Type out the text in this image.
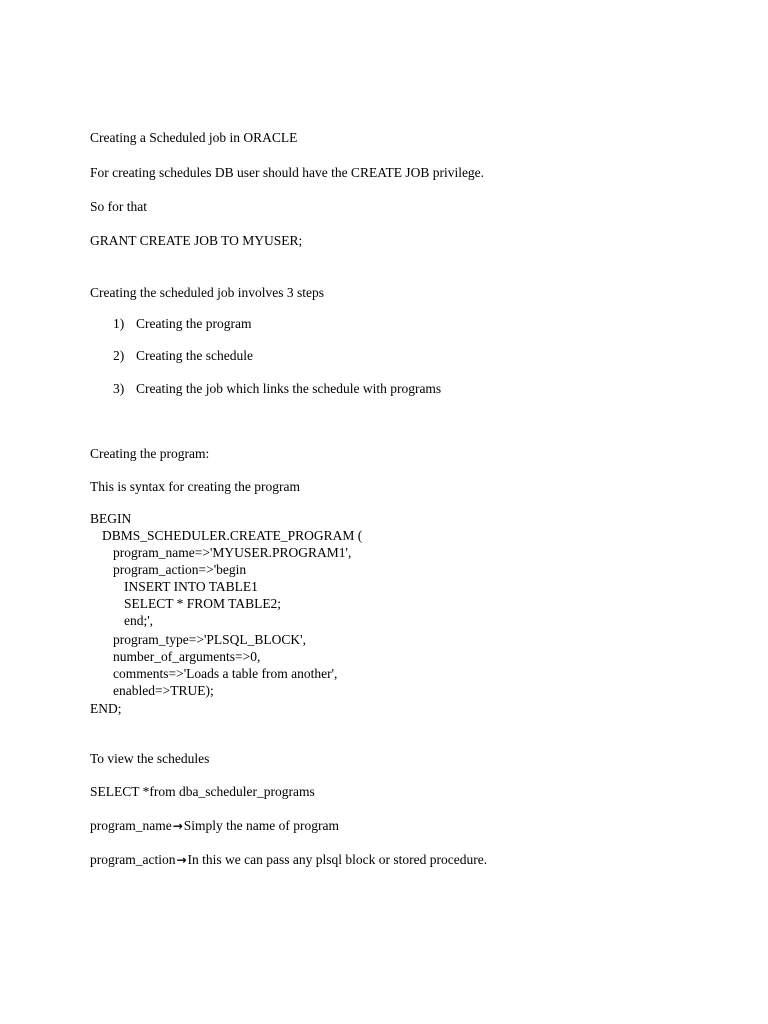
Creating a Scheduled job in ORACLE
For creating schedules DB user should have the CREATE JOB privilege.
So for that
GRANT CREATE JOB TO MYUSER;
Creating the scheduled job involves 3 steps
1) Creating the program
2) Creating the schedule
3) Creating the job which links the schedule with programs
Creating the program:
This is syntax for creating the program
BEGIN
DBMS_SCHEDULER.CREATE_PROGRAM (
program_name=>'MYUSER.PROGRAM1',
program_action=>'begin
INSERT INTO TABLE1
SELECT * FROM TABLE2;
end;',
program_type=>'PLSQL_BLOCK',
number_of_arguments=>0,
comments=>'Loads a table from another',
enabled=>TRUE);
END;
To view the schedules
SELECT *from dba_scheduler_programs
program_name→Simply the name of program
program_action→In this we can pass any plsql block or stored procedure.
